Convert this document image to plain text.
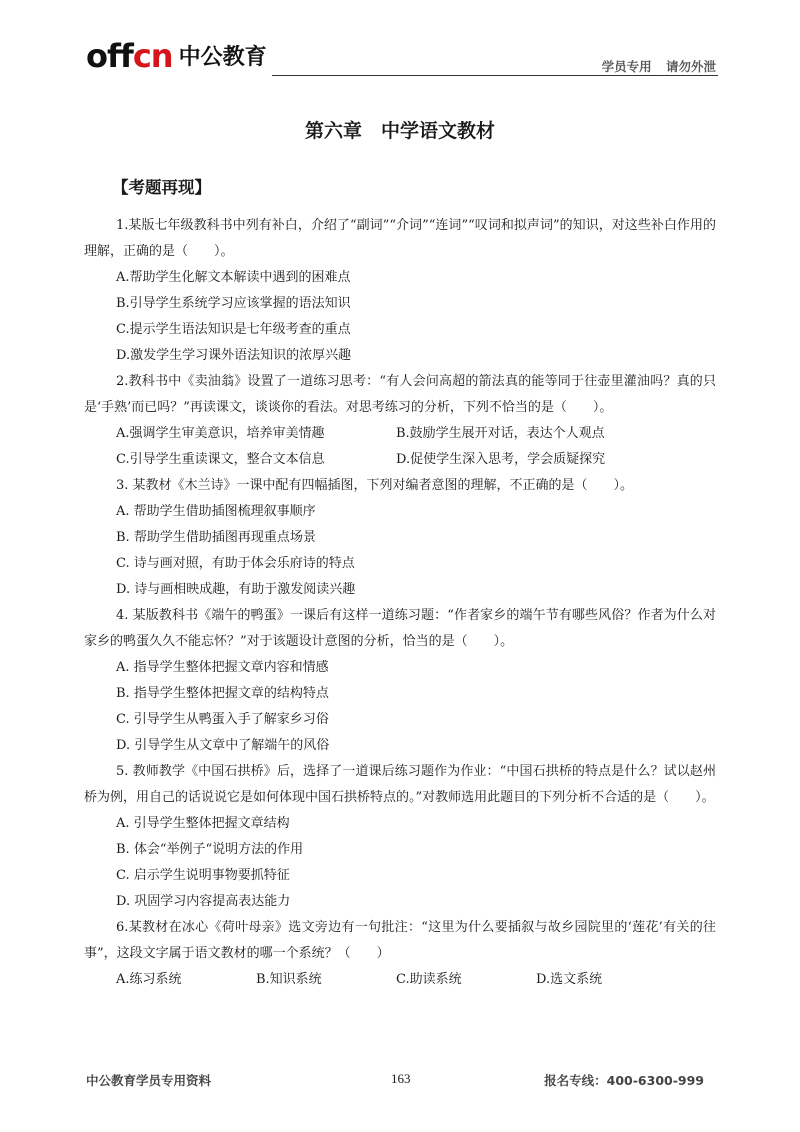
offcn 中公教育	学员专用 请勿外泄
第六章　中学语文教材
【考题再现】

1.某版七年级教科书中列有补白，介绍了“副词”“介词”“连词”“叹词和拟声词”的知识，对这些补白作用的理解，正确的是（　　）。

A.帮助学生化解文本解读中遇到的困难点

B.引导学生系统学习应该掌握的语法知识

C.提示学生语法知识是七年级考查的重点

D.激发学生学习课外语法知识的浓厚兴趣

2.教科书中《卖油翁》设置了一道练习思考：“有人会问高超的箭法真的能等同于往壶里灌油吗？真的只是‘手熟’而已吗？”再读课文，谈谈你的看法。对思考练习的分析，下列不恰当的是（　　）。

A.强调学生审美意识，培养审美情趣	B.鼓励学生展开对话，表达个人观点
C.引导学生重读课文，整合文本信息	D.促使学生深入思考，学会质疑探究

3. 某教材《木兰诗》一课中配有四幅插图，下列对编者意图的理解，不正确的是（　　）。

A. 帮助学生借助插图梳理叙事顺序

B. 帮助学生借助插图再现重点场景

C. 诗与画对照，有助于体会乐府诗的特点

D. 诗与画相映成趣，有助于激发阅读兴趣

4. 某版教科书《端午的鸭蛋》一课后有这样一道练习题：“作者家乡的端午节有哪些风俗？作者为什么对家乡的鸭蛋久久不能忘怀？”对于该题设计意图的分析，恰当的是（　　）。

A. 指导学生整体把握文章内容和情感

B. 指导学生整体把握文章的结构特点

C. 引导学生从鸭蛋入手了解家乡习俗

D. 引导学生从文章中了解端午的风俗

5. 教师教学《中国石拱桥》后，选择了一道课后练习题作为作业：“中国石拱桥的特点是什么？试以赵州桥为例，用自己的话说说它是如何体现中国石拱桥特点的。”对教师选用此题目的下列分析不合适的是（　　）。

A. 引导学生整体把握文章结构

B. 体会“举例子“说明方法的作用

C. 启示学生说明事物要抓特征

D. 巩固学习内容提高表达能力

6.某教材在冰心《荷叶母亲》选文旁边有一句批注：“这里为什么要插叙与故乡园院里的‘莲花’有关的往事”，这段文字属于语文教材的哪一个系统？（　　）

A.练习系统	B.知识系统	C.助读系统	D.选文系统
中公教育学员专用资料	163	报名专线：400-6300-999
